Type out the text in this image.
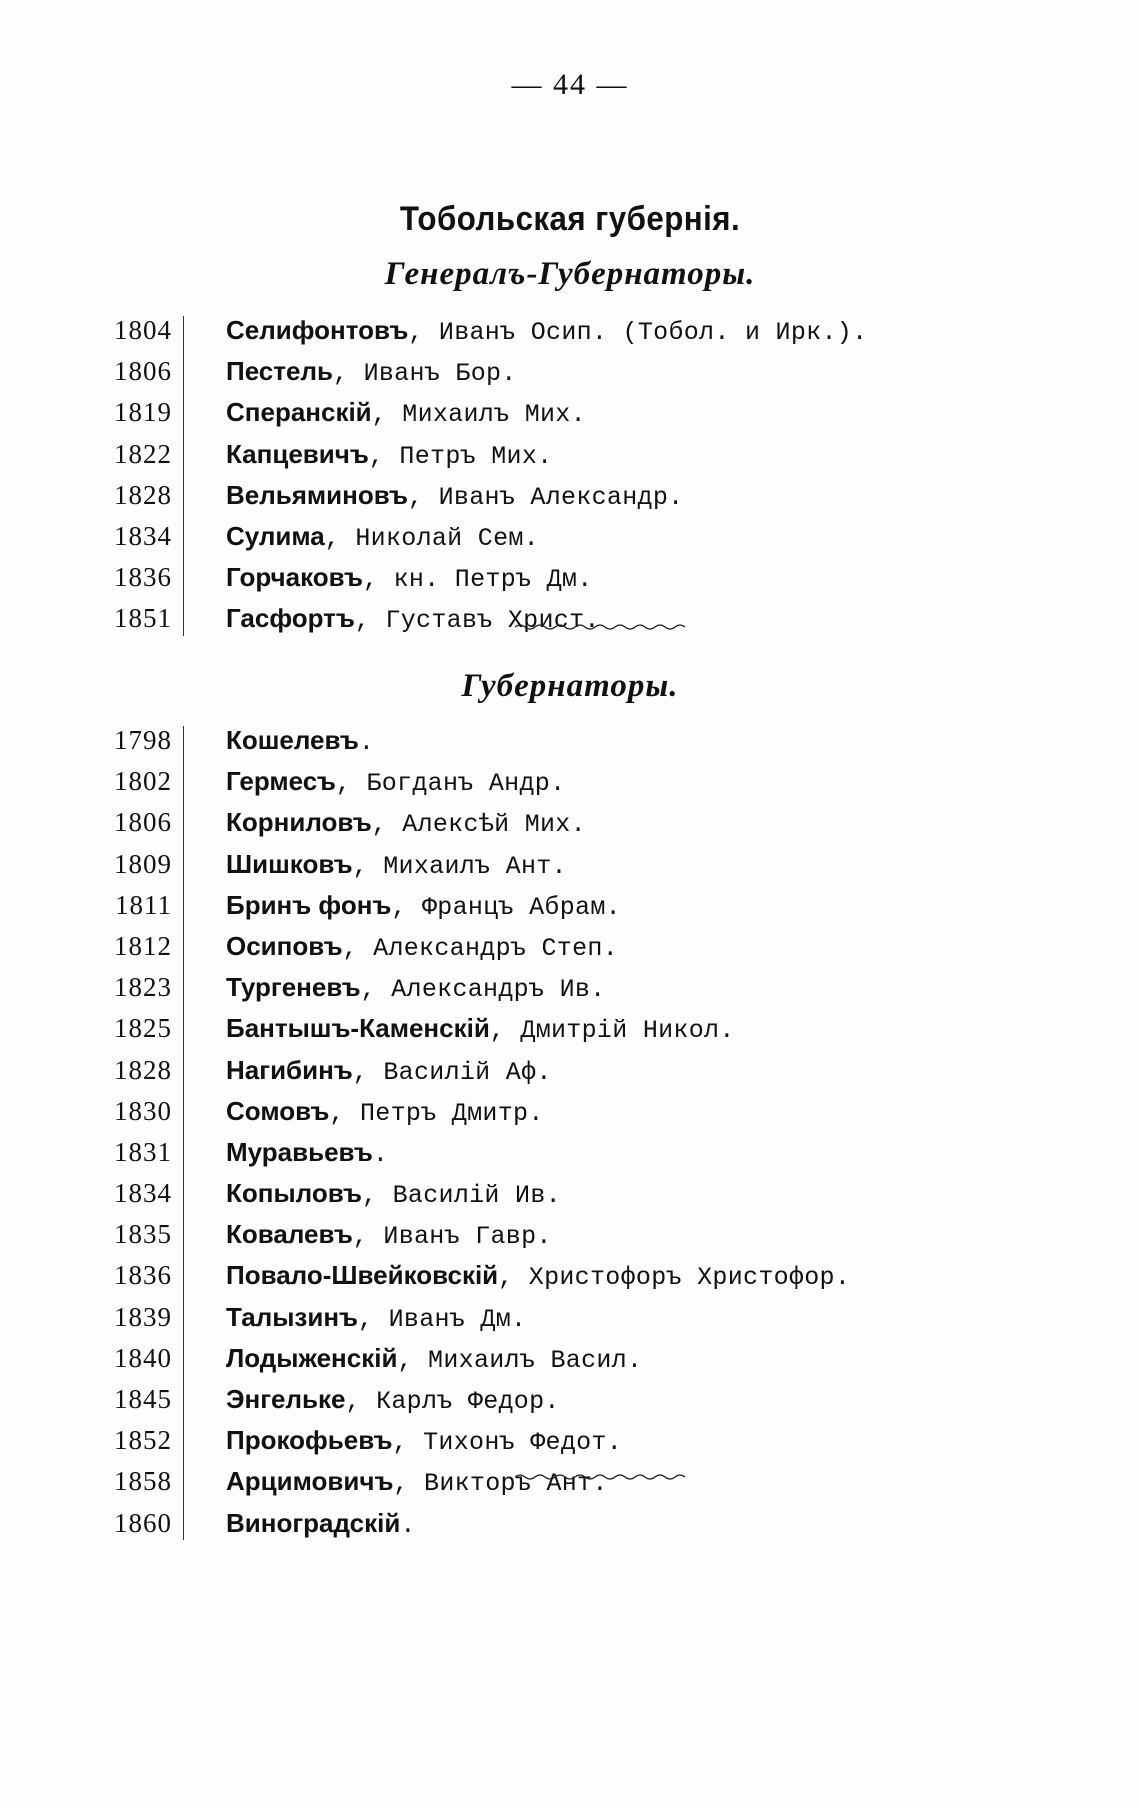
— 44 —
Тобольская губернія.
Генералъ-Губернаторы.
1804 Селифонтовъ, Иванъ Осип. (Тобол. и Ирк.).
1806 Пестель, Иванъ Бор.
1819 Сперанскій, Михаилъ Мих.
1822 Капцевичъ, Петръ Мих.
1828 Вельяминовъ, Иванъ Александр.
1834 Сулима, Николай Сем.
1836 Горчаковъ, кн. Петръ Дм.
1851 Гасфортъ, Густавъ Христ.
Губернаторы.
1798 Кошелевъ.
1802 Гермесъ, Богданъ Андр.
1806 Корниловъ, Алексѣй Мих.
1809 Шишковъ, Михаилъ Ант.
1811 Бринъ фонъ, Францъ Абрам.
1812 Осиповъ, Александръ Степ.
1823 Тургеневъ, Александръ Ив.
1825 Бантышъ-Каменскій, Дмитрій Никол.
1828 Нагибинъ, Василій Аф.
1830 Сомовъ, Петръ Дмитр.
1831 Муравьевъ.
1834 Копыловъ, Василій Ив.
1835 Ковалевъ, Иванъ Гавр.
1836 Повало-Швейковскій, Христофоръ Христофор.
1839 Талызинъ, Иванъ Дм.
1840 Лодыженскій, Михаилъ Васил.
1845 Энгельке, Карлъ Федор.
1852 Прокофьевъ, Тихонъ Федот.
1858 Арцимовичъ, Викторъ Ант.
1860 Виноградскій.
